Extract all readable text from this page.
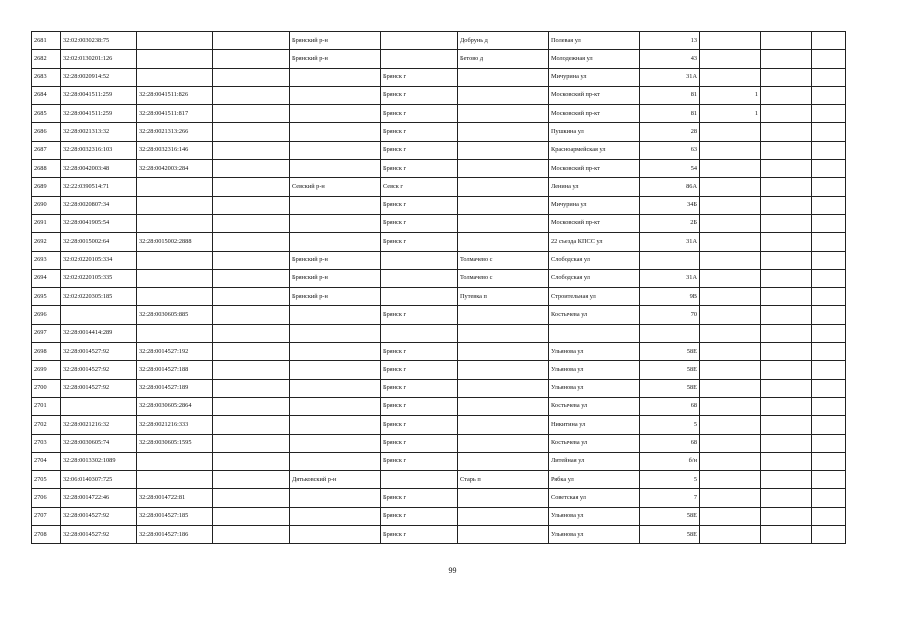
2681	32:02:0030238:75			Брянский р-н		Добрунь д	Полевая ул	13			
2682	32:02:0130201:126			Брянский р-н		Бетово д	Молодежная ул	43			
2683	32:28:0020914:52				Брянск г		Мичурина ул	31А			
2684	32:28:0041511:259	32:28:0041511:826			Брянск г		Московский пр-кт	81	1		
2685	32:28:0041511:259	32:28:0041511:817			Брянск г		Московский пр-кт	81	1		
2686	32:28:0021313:32	32:28:0021313:266			Брянск г		Пушкина ул	28			
2687	32:28:0032316:103	32:28:0032316:146			Брянск г		Красноармейская ул	63			
2688	32:28:0042003:48	32:28:0042003:284			Брянск г		Московский пр-кт	54			
2689	32:22:0390514:71			Севский р-н	Севск г		Ленина ул	86А			
2690	32:28:0020807:34				Брянск г		Мичурина ул	34Б			
2691	32:28:0041905:54				Брянск г		Московский пр-кт	2Б			
2692	32:28:0015002:64	32:28:0015002:2888			Брянск г		22 съезда КПСС ул	31А			
2693	32:02:0220105:334			Брянский р-н		Толмачево с	Слободская ул				
2694	32:02:0220105:335			Брянский р-н		Толмачево с	Слободская ул	31А			
2695	32:02:0220305:185			Брянский р-н		Путевка п	Строительная ул	9В			
2696		32:28:0030605:885			Брянск г		Костычева ул	70			
2697	32:28:0014414:289										
2698	32:28:0014527:92	32:28:0014527:192			Брянск г		Ульянова ул	58Е			
2699	32:28:0014527:92	32:28:0014527:188			Брянск г		Ульянова ул	58Е			
2700	32:28:0014527:92	32:28:0014527:189			Брянск г		Ульянова ул	58Е			
2701		32:28:0030605:2864			Брянск г		Костычева ул	68			
2702	32:28:0021216:32	32:28:0021216:333			Брянск г		Никитина ул	5			
2703	32:28:0030605:74	32:28:0030605:1595			Брянск г		Костычева ул	68			
2704	32:28:0013302:1089				Брянск г		Литейная ул	б/н			
2705	32:06:0140307:725			Дятьковский р-н		Старь п	Рябка ул	5			
2706	32:28:0014722:46	32:28:0014722:81			Брянск г		Советская ул	7			
2707	32:28:0014527:92	32:28:0014527:185			Брянск г		Ульянова ул	58Е			
2708	32:28:0014527:92	32:28:0014527:186			Брянск г		Ульянова ул	58Е			
99
